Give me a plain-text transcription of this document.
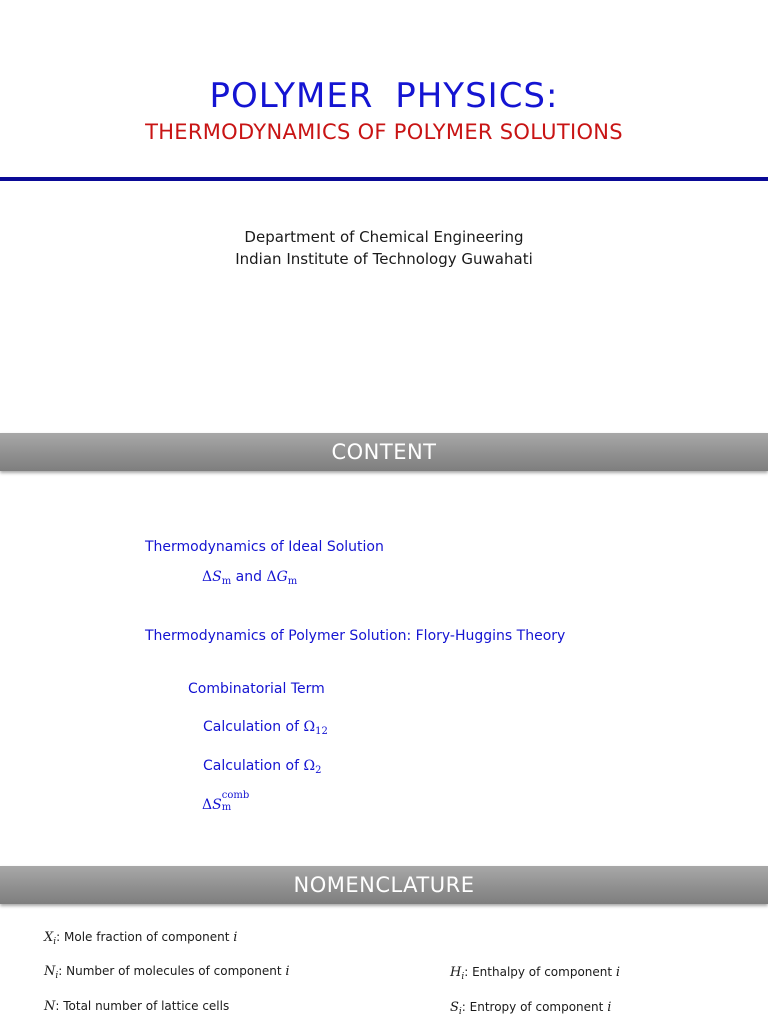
POLYMER PHYSICS:
THERMODYNAMICS OF POLYMER SOLUTIONS
Department of Chemical Engineering
Indian Institute of Technology Guwahati
CONTENT
Thermodynamics of Ideal Solution
$\Delta S_m$ and $\Delta G_m$
Thermodynamics of Polymer Solution: Flory-Huggins Theory
Combinatorial Term
Calculation of $\Omega_{12}$
Calculation of $\Omega_2$
ΔS
comb
m
NOMENCLATURE
$X_i$: Mole fraction of component i
$N_i$: Number of molecules of component i
N: Total number of lattice cells
$H_i$: Enthalpy of component i
$S_i$: Entropy of component i
